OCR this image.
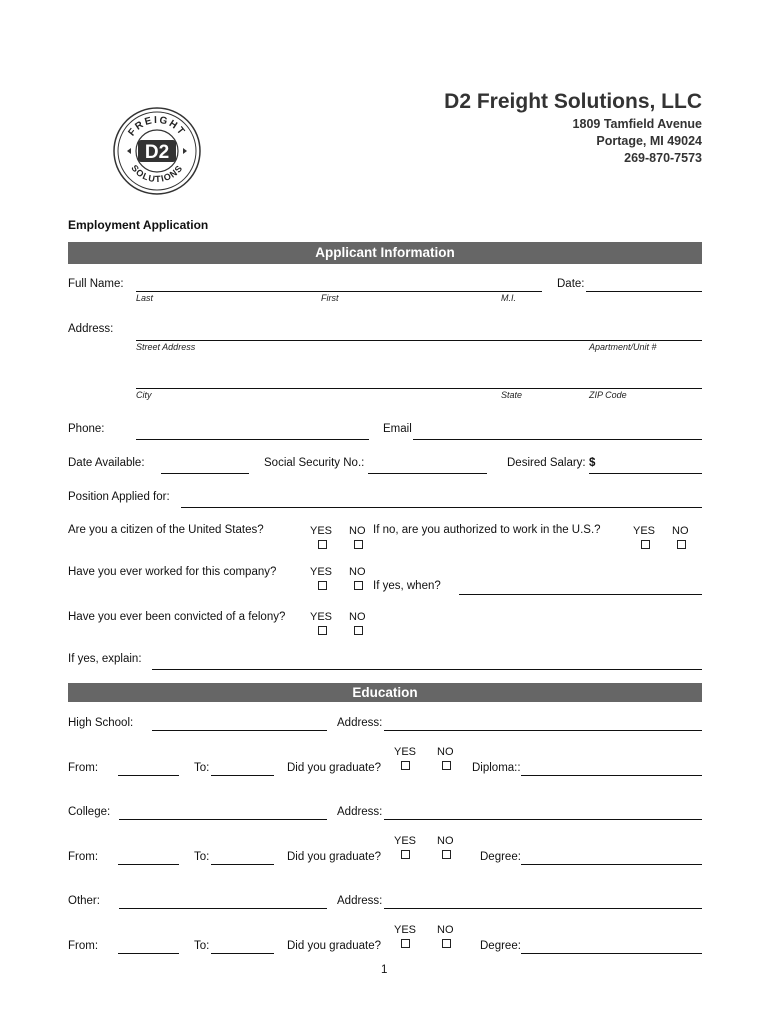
FREIGHT
SOLUTIONS
D2
D2 Freight Solutions, LLC
1809 Tamfield Avenue
Portage, MI 49024
269-870-7573
Employment Application
Applicant Information
Full Name:
Last	First	M.I.
Date:
Address:
Street Address	Apartment/Unit #
City	State	ZIP Code
Phone:	Email
Date Available:	Social Security No.:	Desired Salary: $
Position Applied for:
Are you a citizen of the United States?	YES NO If no, are you authorized to work in the U.S.?	YES NO
Have you ever worked for this company?	YES NO
If yes, when?
Have you ever been convicted of a felony? YES NO
If yes, explain:
Education
High School:	Address:
YES NO
From:	To:	Did you graduate?	Diploma::
College:	Address:
YES NO
From:	To:	Did you graduate?	Degree:
Other:	Address:
YES NO
From:	To:	Did you graduate?	Degree:
1
